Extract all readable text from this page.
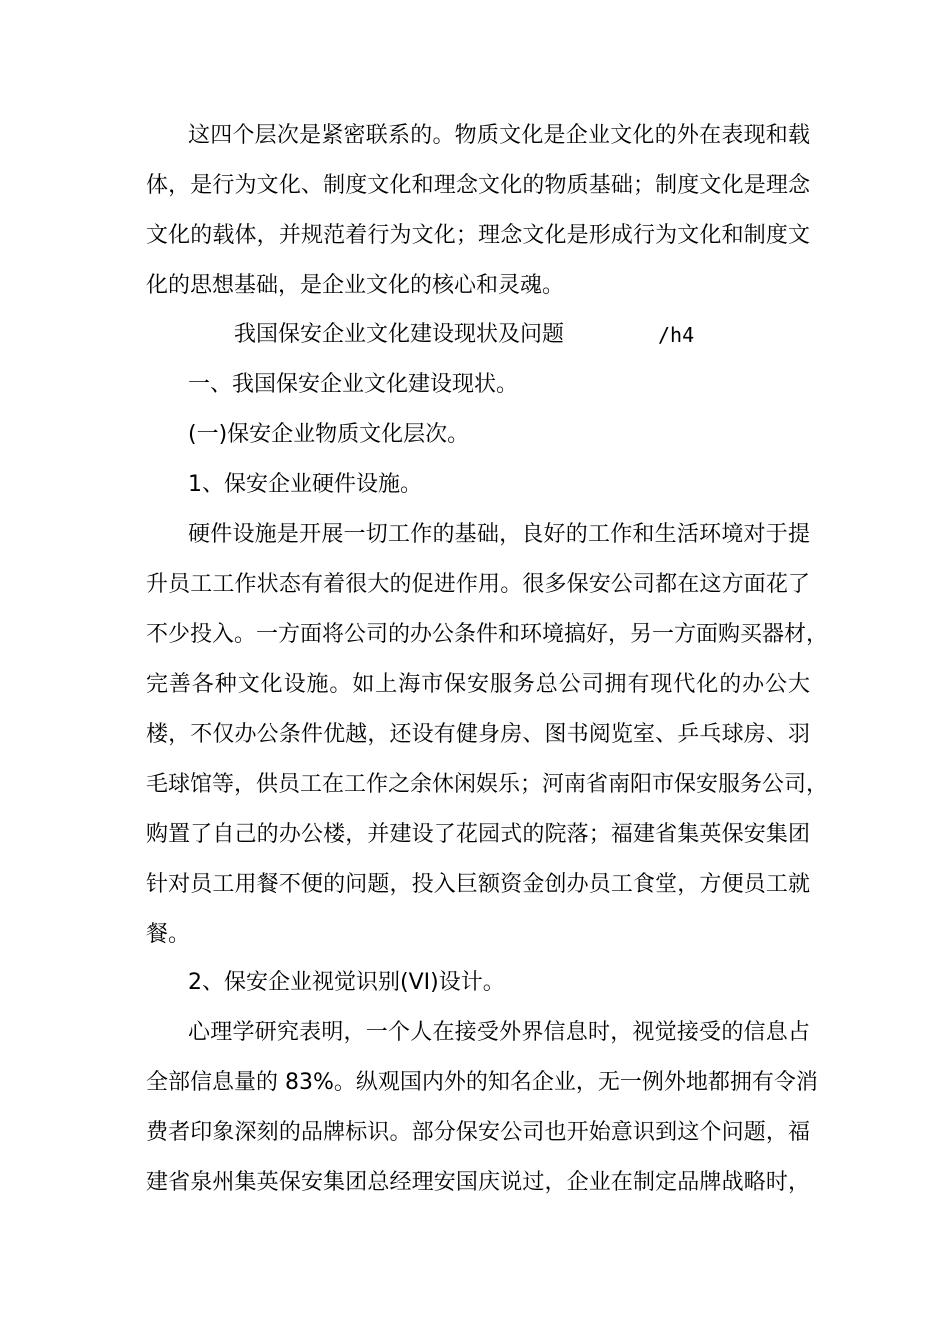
这四个层次是紧密联系的。物质文化是企业文化的外在表现和载
体，是行为文化、制度文化和理念文化的物质基础；制度文化是理念
文化的载体，并规范着行为文化；理念文化是形成行为文化和制度文
化的思想基础，是企业文化的核心和灵魂。
我国保安企业文化建设现状及问题	/h4
一、我国保安企业文化建设现状。
(一)保安企业物质文化层次。
1、保安企业硬件设施。
硬件设施是开展一切工作的基础，良好的工作和生活环境对于提
升员工工作状态有着很大的促进作用。很多保安公司都在这方面花了
不少投入。一方面将公司的办公条件和环境搞好，另一方面购买器材，
完善各种文化设施。如上海市保安服务总公司拥有现代化的办公大
楼，不仅办公条件优越，还设有健身房、图书阅览室、乒乓球房、羽
毛球馆等，供员工在工作之余休闲娱乐；河南省南阳市保安服务公司，
购置了自己的办公楼，并建设了花园式的院落；福建省集英保安集团
针对员工用餐不便的问题，投入巨额资金创办员工食堂，方便员工就
餐。
2、保安企业视觉识别(VI)设计。
心理学研究表明，一个人在接受外界信息时，视觉接受的信息占
全部信息量的 83%。纵观国内外的知名企业，无一例外地都拥有令消
费者印象深刻的品牌标识。部分保安公司也开始意识到这个问题，福
建省泉州集英保安集团总经理安国庆说过，企业在制定品牌战略时，
